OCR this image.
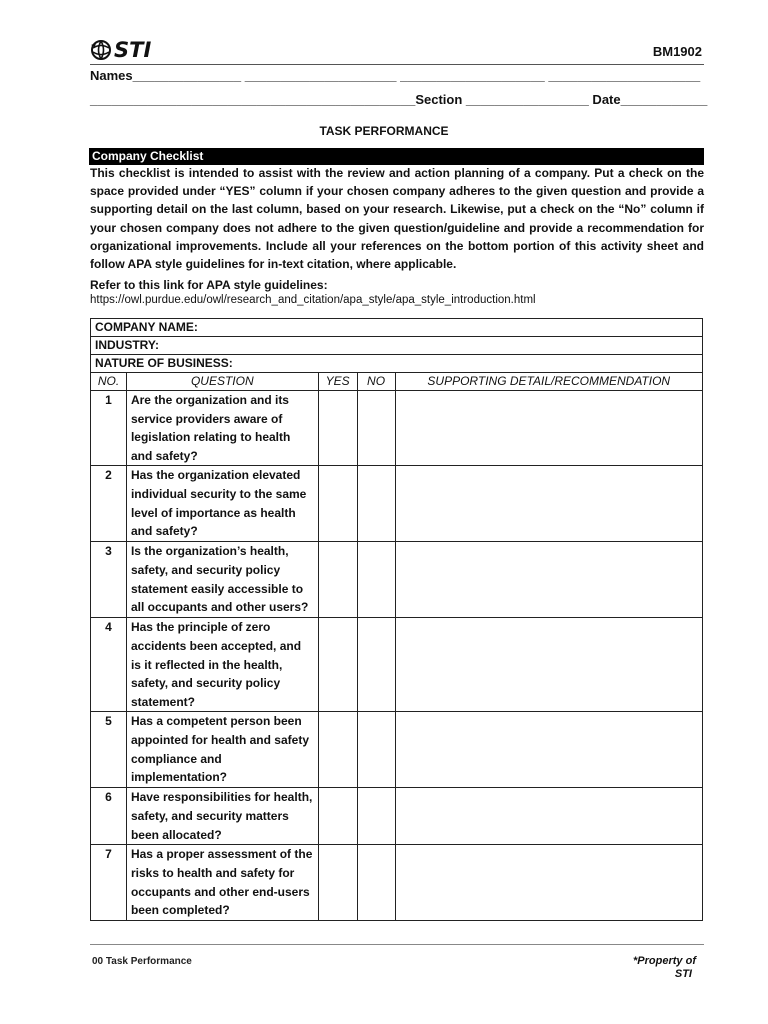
STI	BM1902
Names_______________ _____________________ ____________________ _____________________
_____________________________________________Section _________________ Date____________
TASK PERFORMANCE
Company Checklist
This checklist is intended to assist with the review and action planning of a company. Put a check on the space provided under “YES” column if your chosen company adheres to the given question and provide a supporting detail on the last column, based on your research. Likewise, put a check on the “No” column if your chosen company does not adhere to the given question/guideline and provide a recommendation for organizational improvements. Include all your references on the bottom portion of this activity sheet and follow APA style guidelines for in-text citation, where applicable.
Refer to this link for APA style guidelines:
https://owl.purdue.edu/owl/research_and_citation/apa_style/apa_style_introduction.html
COMPANY NAME:				
INDUSTRY:				
NATURE OF BUSINESS:				
NO.	QUESTION	YES	NO	SUPPORTING DETAIL/RECOMMENDATION
1	Are the organization and its service providers aware of legislation relating to health and safety?			
2	Has the organization elevated individual security to the same level of importance as health and safety?			
3	Is the organization’s health, safety, and security policy statement easily accessible to all occupants and other users?			
4	Has the principle of zero accidents been accepted, and is it reflected in the health, safety, and security policy statement?			
5	Has a competent person been appointed for health and safety compliance and implementation?			
6	Have responsibilities for health, safety, and security matters been allocated?			
7	Has a proper assessment of the risks to health and safety for occupants and other end-users been completed?			
00 Task Performance	*Property of
STI
